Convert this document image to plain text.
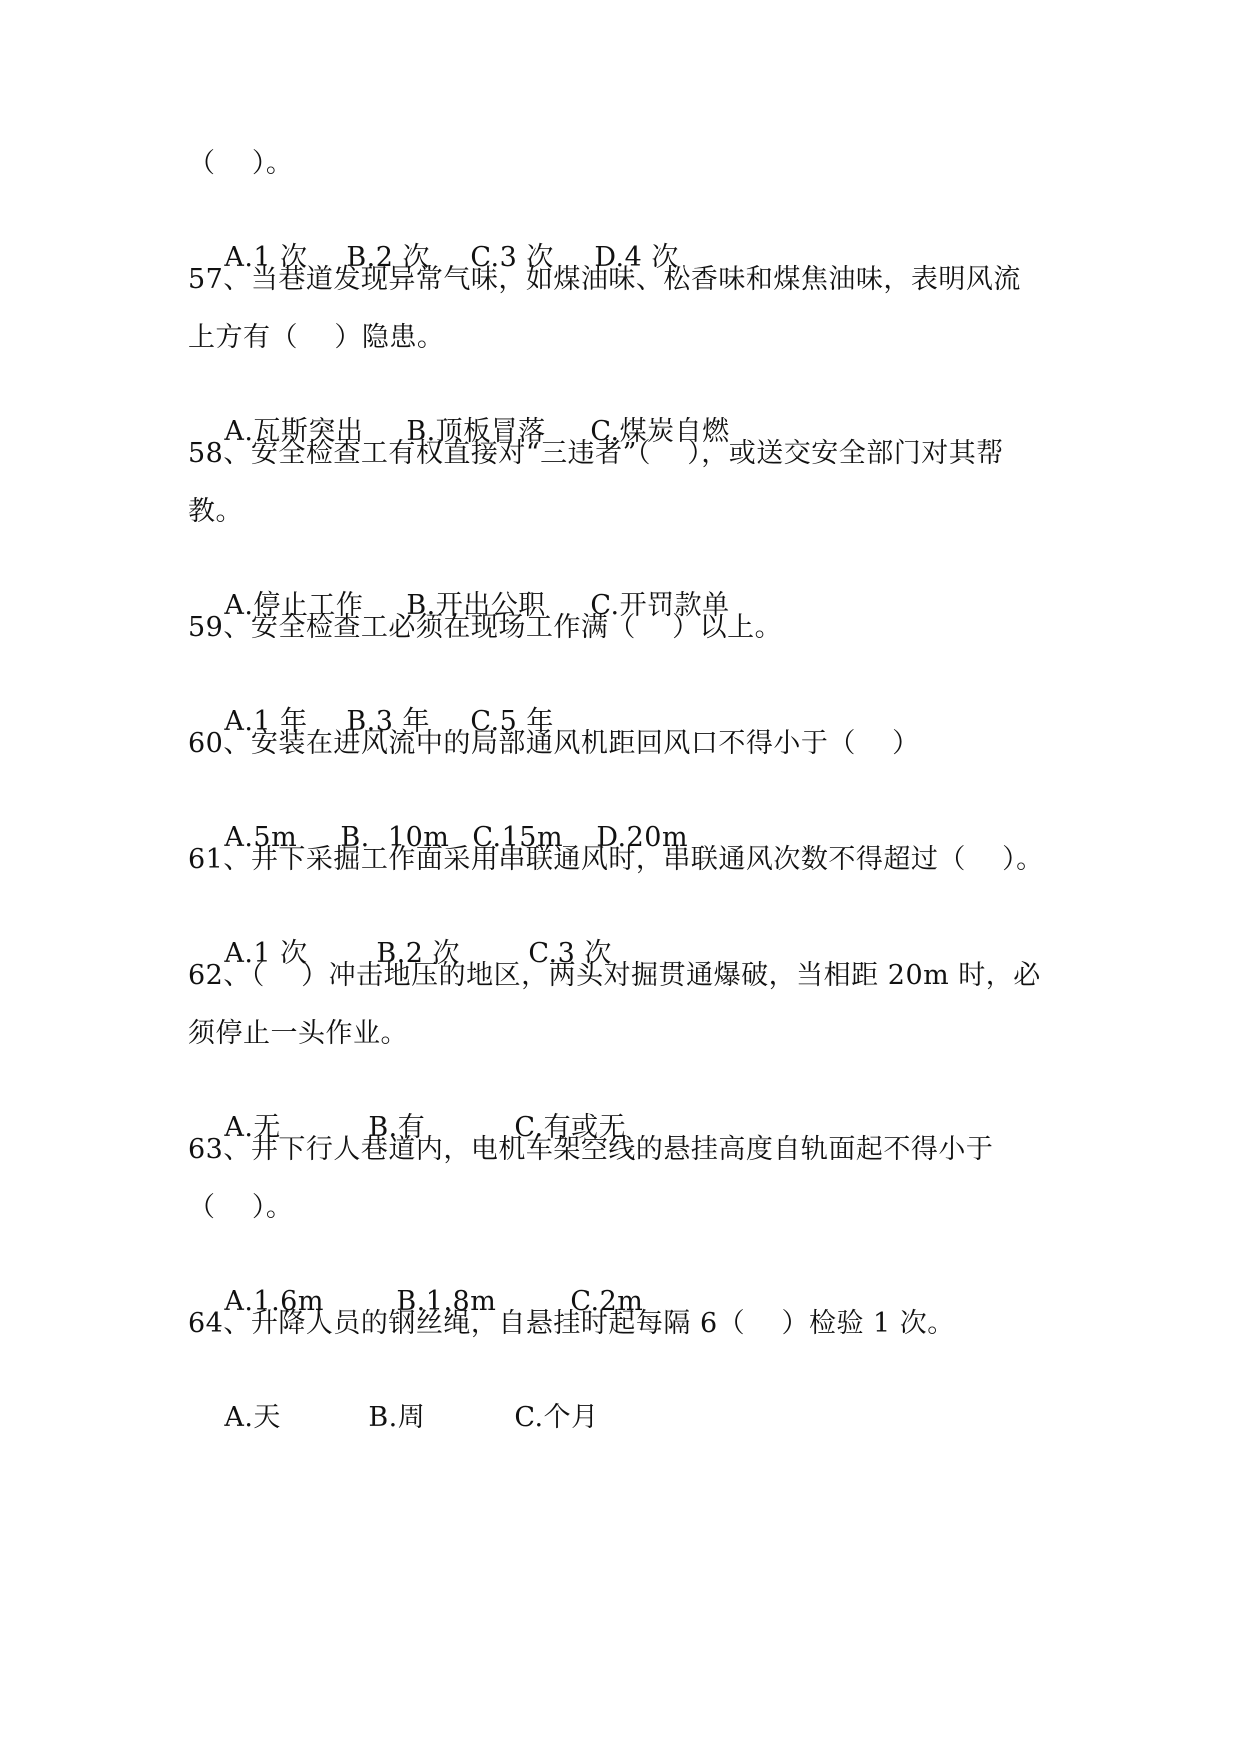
（    ）。

A.1 次 B.2 次 C.3 次 D.4 次

57、当巷道发现异常气味，如煤油味、松香味和煤焦油味，表明风流
上方有（    ）隐患。

A.瓦斯突出 B.顶板冒落 C.煤炭自燃

58、安全检查工有权直接对“三违者”（    ），或送交安全部门对其帮
教。

A.停止工作 B.开出公职 C.开罚款单

59、安全检查工必须在现场工作满（    ）以上。

A.1 年 B.3 年 C.5 年

60、安装在进风流中的局部通风机距回风口不得小于（    ）

A.5m B.  10m C.15m D.20m

61、井下采掘工作面采用串联通风时，串联通风次数不得超过（    ）。

A.1 次	B.2 次	C.3 次

62、（    ）冲击地压的地区，两头对掘贯通爆破，当相距 20m 时，必
须停止一头作业。

A.无	B.有	C.有或无

63、井下行人巷道内，电机车架空线的悬挂高度自轨面起不得小于
（    ）。

A.1.6m	B.1.8m	C.2m

64、升降人员的钢丝绳，自悬挂时起每隔 6（    ）检验 1 次。

A.天	B.周	C.个月
